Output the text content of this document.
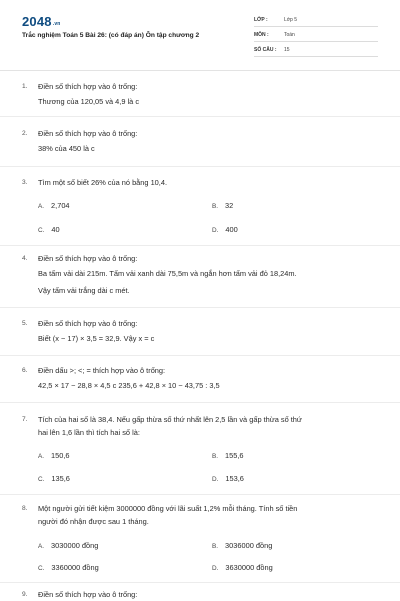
$2048^{.vn}$
Trắc nghiệm Toán 5 Bài 26: (có đáp án) Ôn tập chương 2
LỚP :	Lớp 5
MÔN :	Toán
SỐ CÂU : 15
1. Điền số thích hợp vào ô trống:
Thương của 120,05 và 4,9 là c
2. Điền số thích hợp vào ô trống:
38% của 450 là c
3. Tìm một số biết 26% của nó bằng 10,4.
A. 2,704	B. 32
C. 40	D. 400
4. Điền số thích hợp vào ô trống:
Ba tấm vải dài 215m. Tấm vải xanh dài 75,5m và ngắn hơn tấm vải đỏ 18,24m.
Vậy tấm vải trắng dài c mét.
5. Điền số thích hợp vào ô trống:
Biết (x − 17) × 3,5 = 32,9. Vậy x = c
6. Điền dấu >; <; = thích hợp vào ô trống:
42,5 × 17 − 28,8 × 4,5 c 235,6 + 42,8 × 10 − 43,75 : 3,5
7. Tích của hai số là 38,4. Nếu gấp thừa số thứ nhất lên 2,5 lần và gấp thừa số thứ
hai lên 1,6 lần thì tích hai số là:
A. 150,6	B. 155,6
C. 135,6	D. 153,6
8. Một người gửi tiết kiệm 3000000 đồng với lãi suất 1,2% mỗi tháng. Tính số tiền
người đó nhận được sau 1 tháng.
A. 3030000 đồng	B. 3036000 đồng
C. 3360000 đồng	D. 3630000 đồng
9. Điền số thích hợp vào ô trống:
